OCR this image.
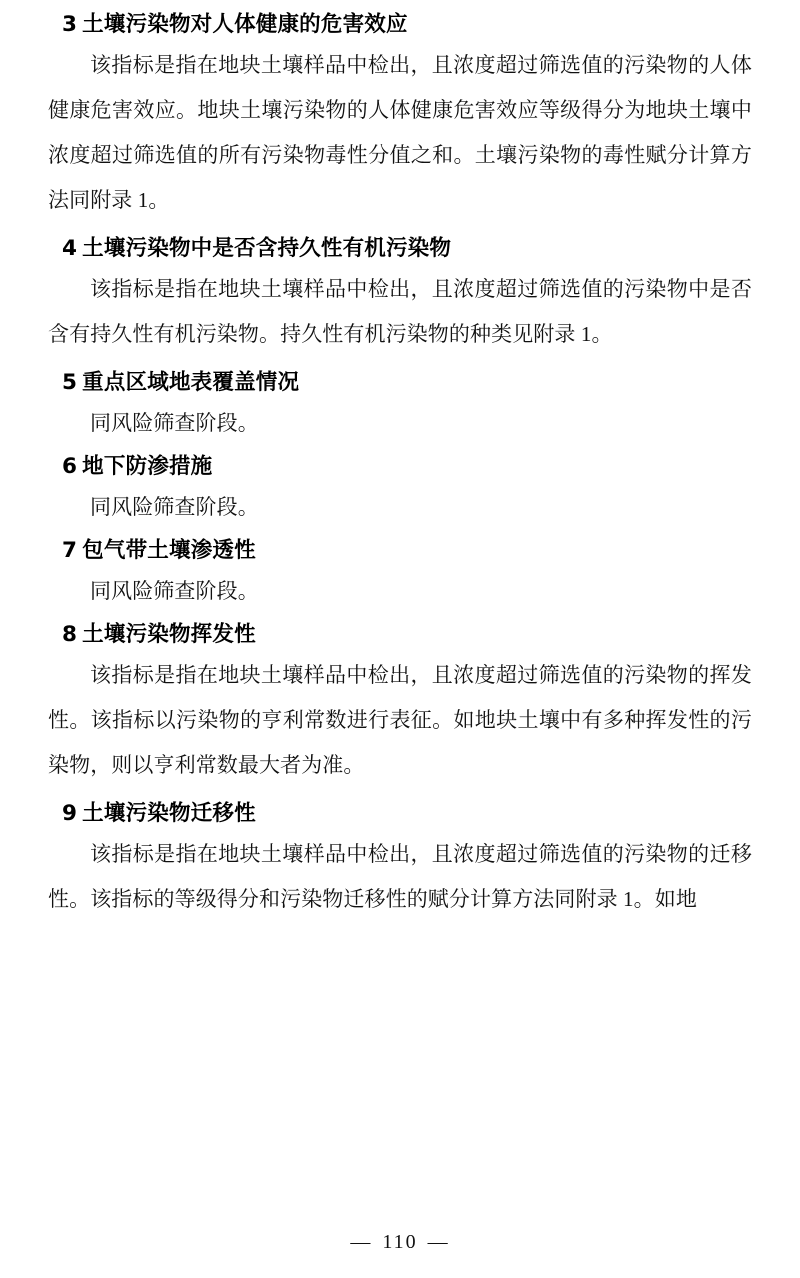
3 土壤污染物对人体健康的危害效应

该指标是指在地块土壤样品中检出，且浓度超过筛选值的污染物的人体健康危害效应。地块土壤污染物的人体健康危害效应等级得分为地块土壤中浓度超过筛选值的所有污染物毒性分值之和。土壤污染物的毒性赋分计算方法同附录 1。

4 土壤污染物中是否含持久性有机污染物

该指标是指在地块土壤样品中检出，且浓度超过筛选值的污染物中是否含有持久性有机污染物。持久性有机污染物的种类见附录 1。

5 重点区域地表覆盖情况

同风险筛查阶段。

6 地下防渗措施

同风险筛查阶段。

7 包气带土壤渗透性

同风险筛查阶段。

8 土壤污染物挥发性

该指标是指在地块土壤样品中检出，且浓度超过筛选值的污染物的挥发性。该指标以污染物的亨利常数进行表征。如地块土壤中有多种挥发性的污染物，则以亨利常数最大者为准。

9 土壤污染物迁移性

该指标是指在地块土壤样品中检出，且浓度超过筛选值的污染物的迁移性。该指标的等级得分和污染物迁移性的赋分计算方法同附录 1。如地

— 110 —
